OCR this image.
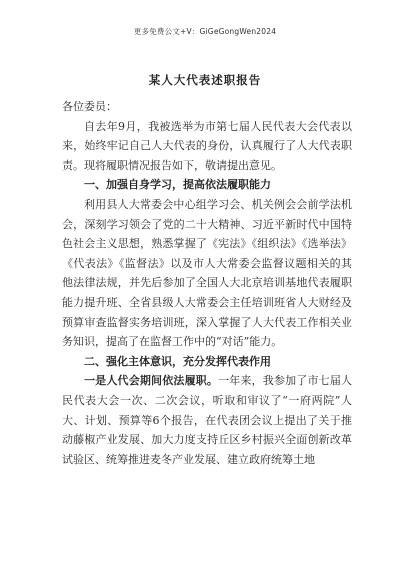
更多免费公文+V：GiGeGongWen2024
某人大代表述职报告

各位委员：

自去年9月，我被选举为市第七届人民代表大会代表以来，始终牢记自己人大代表的身份，认真履行了人大代表职责。现将履职情况报告如下，敬请提出意见。

一、加强自身学习，提高依法履职能力

利用县人大常委会中心组学习会、机关例会会前学法机会，深刻学习领会了党的二十大精神、习近平新时代中国特色社会主义思想，熟悉掌握了《宪法》《组织法》《选举法》《代表法》《监督法》以及市人大常委会监督议题相关的其他法律法规，并先后参加了全国人大北京培训基地代表履职能力提升班、全省县级人大常委会主任培训班省人大财经及预算审查监督实务培训班，深入掌握了人大代表工作相关业务知识，提高了在监督工作中的“对话”能力。

二、强化主体意识，充分发挥代表作用

一是人代会期间依法履职。一年来，我参加了市七届人民代表大会一次、二次会议，听取和审议了“一府两院”人大、计划、预算等6个报告，在代表团会议上提出了关于推动藤椒产业发展、加大力度支持丘区乡村振兴全面创新改革试验区、统筹推进麦冬产业发展、建立政府统筹土地
